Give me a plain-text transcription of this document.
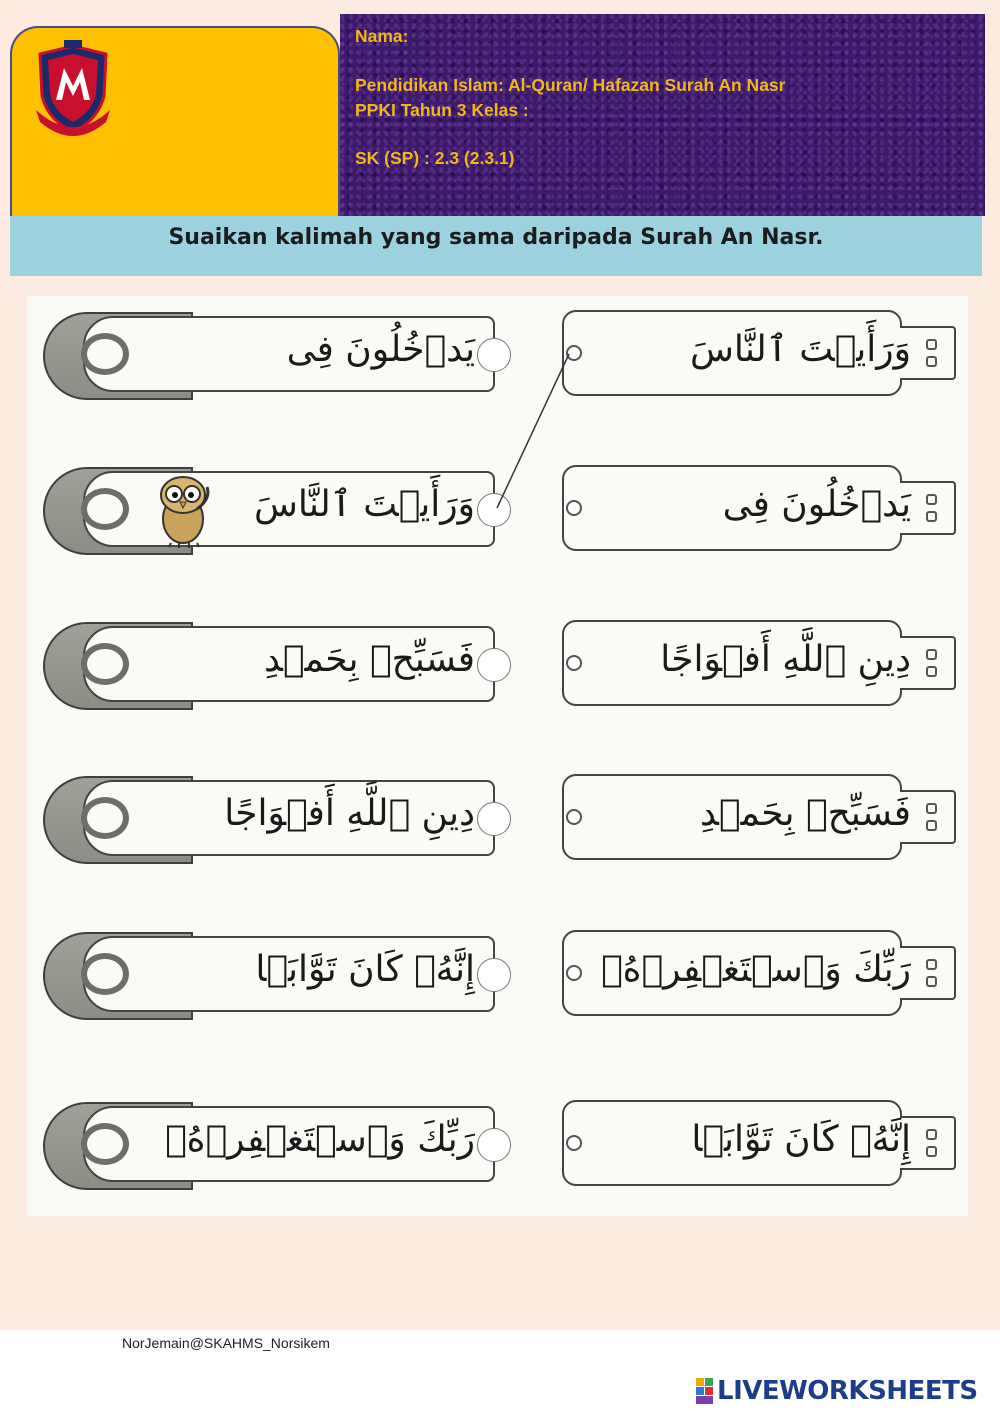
Nama:
Pendidikan Islam: Al-Quran/ Hafazan Surah An Nasr
PPKI Tahun 3 Kelas :
SK (SP) : 2.3 (2.3.1)
Suaikan kalimah yang sama daripada Surah An Nasr.
يَدۡخُلُونَ فِى	وَرَأَيۡتَ ٱلنَّاسَ
وَرَأَيۡتَ ٱلنَّاسَ	يَدۡخُلُونَ فِى
فَسَبِّحۡ بِحَمۡدِ	دِينِ ٱللَّهِ أَفۡوَاجًا
دِينِ ٱللَّهِ أَفۡوَاجًا	فَسَبِّحۡ بِحَمۡدِ
إِنَّهُۥ كَانَ تَوَّابَۢا	رَبِّكَ وَٱسۡتَغۡفِرۡهُۚ
رَبِّكَ وَٱسۡتَغۡفِرۡهُۚ	إِنَّهُۥ كَانَ تَوَّابَۢا
NorJemain@SKAHMS_Norsikem
LIVEWORKSHEETS
